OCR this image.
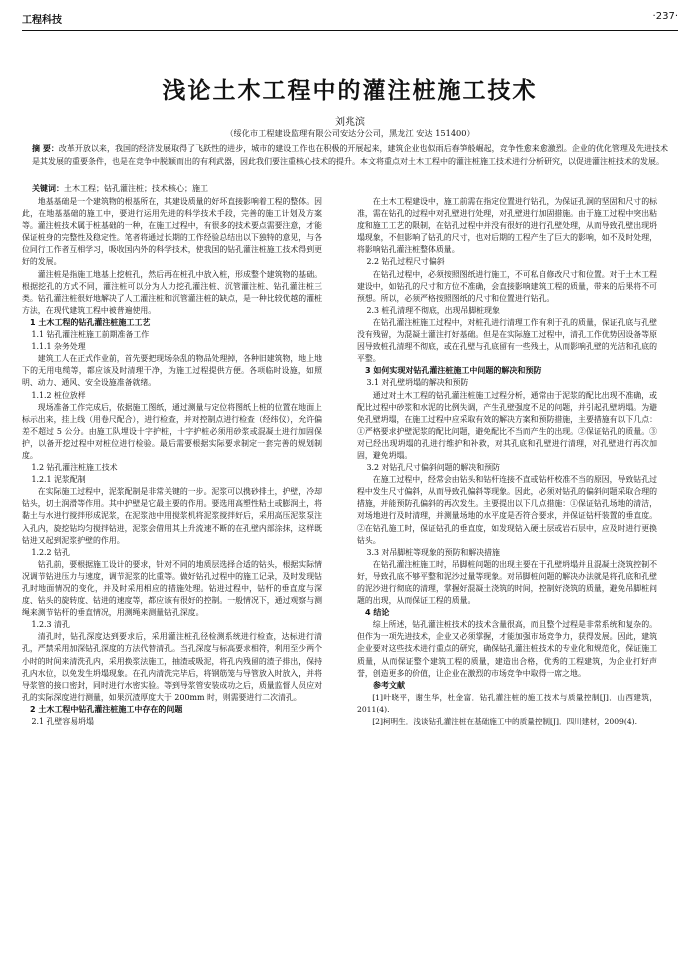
工程科技	·237·
浅论土木工程中的灌注桩施工技术
刘兆滨
（绥化市工程建设监理有限公司安达分公司，黑龙江 安达 151400）
摘 要：改革开放以来，我国的经济发展取得了飞跃性的进步，城市的建设工作也在积极的开展起来，建筑企业也似雨后春笋般崛起，竞争性愈来愈激烈。企业的优化管理及先进技术是其发展的重要条件，也是在竞争中脱颖而出的有利武器，因此我们要注重核心技术的提升。本文将重点对土木工程中的灌注桩施工技术进行分析研究，以促进灌注桩技术的发展。
关键词：土木工程；钻孔灌注桩；技术核心；施工

地基基础是一个建筑物的根基所在，其建设质量的好坏直接影响着工程的整体。因此，在地基基础的施工中，要进行运用先进的科学技术手段，完善的施工计划及方案等。灌注桩技术属于桩基础的一种，在施工过程中，有很多的技术要点需要注意，才能保证桩身的完整性及稳定性。笔者将通过长期的工作经验总结出以下独特的意见，与各位同行工作者互相学习，吸收国内外的科学技术，使我国的钻孔灌注桩施工技术得到更好的发展。

灌注桩是指施工地基上挖桩孔，然后再在桩孔中放入桩，形成整个建筑物的基础。根据挖孔的方式不同，灌注桩可以分为人力挖孔灌注桩、沉管灌注桩、钻孔灌注桩三类。钻孔灌注桩很好地解决了人工灌注桩和沉管灌注桩的缺点，是一种比较优越的灌桩方法，在现代建筑工程中被普遍使用。

1 土木工程的钻孔灌注桩施工工艺

1.1 钻孔灌注桩施工前期准备工作

1.1.1 杂务处理

建筑工人在正式作业前，首先要把现场杂乱的物品处理掉，各种旧建筑物，地上地下的无用电缆等，都应该及时清理干净，为施工过程提供方便。各项临时设施，如照明、动力、通风、安全设施准备就绪。

1.1.2 桩位放样

现场准备工作完成后，依据施工图纸，通过测量与定位将图纸上桩的位置在地面上标示出来，挂上线（用卷尺配合），进行检查，并对控制点进行检查（经纬仪），允许偏差不超过 5 公分。由施工队埋设十字护桩，十字护桩必须用砂浆或混凝土进行加固保护，以备开挖过程中对桩位进行检验。最后需要根据实际要求制定一套完善的规划制度。

1.2 钻孔灌注桩施工技术

1.2.1 泥浆配制

在实际施工过程中，泥浆配制是非常关键的一步。泥浆可以携砂排土，护壁，冷却钻头，切土润滑等作用。其中护壁是它最主要的作用。要选用高塑性粘土或膨润土，将黏土与水进行搅拌形成泥浆，在泥浆池中用搅浆机将泥浆搅拌好后，采用高压泥浆泵注入孔内，旋挖钻均匀搅拌钻进，泥浆会借用其上升流速不断的在孔壁内部涂抹，这样既钻进又起到泥浆护壁的作用。

1.2.2 钻孔

钻孔前，要根据施工设计的要求，针对不同的地质层选择合适的钻头，根据实际情况调节钻进压力与速度，调节泥浆的比重等。做好钻孔过程中的施工记录，及时发现钻孔时地面情况的变化，并及时采用相应的措施处理。钻进过程中，钻杆的垂直度与深度、钻头的旋转度、钻进的速度等，都应该有很好的控制。一般情况下，通过观察与测绳来测节钻杆的垂直情况，用测绳来测量钻孔深度。

1.2.3 清孔

清孔时，钻孔深度达到要求后，采用灌注桩孔径检测系统进行检查，达标进行清孔，严禁采用加深钻孔深度的方法代替清孔。当孔深度与标高要求相符，利用至少两个小时的时间来清洗孔内，采用换浆法施工，抽渣或吸泥，将孔内残留的渣子排出，保持孔内水位，以免发生坍塌现象。在孔内清洗完毕后，将钢筋笼与导管放入时放入，并将导浆管的接口密封，同时进行水密实验。等到导浆管安装成功之后，质量监督人员应对孔的实际深度进行测量，如果沉渣厚度大于 200mm 时，则需要进行二次清孔。

2 土木工程中钻孔灌注桩施工中存在的问题

2.1 孔壁容易坍塌

在土木工程建设中，施工前需在指定位置进行钻孔，为保证孔洞的坚固和尺寸的标准，需在钻孔的过程中对孔壁进行处理，对孔壁进行加固措施。由于施工过程中突出粘度和施工工艺的限制，在钻孔过程中并没有很好的进行孔壁处理，从而导致孔壁出现坍塌现象，不但影响了钻孔的尺寸，也对后期的工程产生了巨大的影响，如不及时处理，将影响钻孔灌注桩整体质量。

2.2 钻孔过程尺寸偏斜

在钻孔过程中，必须按照图纸进行施工，不可私自修改尺寸和位置。对于土木工程建设中，如钻孔的尺寸和方位不准确，会直接影响建筑工程的质量，带来的后果将不可预想。所以，必须严格按照图纸的尺寸和位置进行钻孔。

2.3 桩孔清理不彻底，出现吊脚桩现象

在钻孔灌注桩施工过程中，对桩孔进行清理工作有利于孔的质量，保证孔底与孔壁没有残留，为混凝土灌注打好基础。但是在实际施工过程中，清孔工作优势因设备等原因导致桩孔清理不彻底，或在孔壁与孔底留有一些残土，从而影响孔壁的光洁和孔底的平整。

3 如何实现对钻孔灌注桩施工中问题的解决和预防

3.1 对孔壁坍塌的解决和预防

通过对土木工程的钻孔灌注桩施工过程分析，通常由于泥浆的配比出现不准确，或配比过程中砂浆和水泥的比例失调，产生孔壁强度不足的问题，并引起孔壁坍塌。为避免孔壁坍塌，在施工过程中应采取有效的解决方案和预防措施，主要措施有以下几点：①严格要求护壁泥浆的配比问题，避免配比不当而产生的出现。②保证钻孔的质量。③对已经出现坍塌的孔进行维护和补救，对其孔底和孔壁进行清理，对孔壁进行再次加固，避免坍塌。

3.2 对钻孔尺寸偏斜问题的解决和预防

在施工过程中，经常会由钻头和钻杆连接不直或钻杆校准不当的原因，导致钻孔过程中发生尺寸偏斜，从而导致孔偏斜等现象。因此，必须对钻孔的偏斜问题采取合理的措施，并能预防孔偏斜的再次发生。主要提出以下几点措施：①保证钻孔场地的清洁，对场地进行及时清理，并测量场地的水平度是否符合要求，并保证钻杆装置的垂直度。②在钻孔施工时，保证钻孔的垂直度，如发现钻入硬土层或岩石层中，应及时进行更换钻头。

3.3 对吊脚桩等现象的预防和解决措施

在钻孔灌注桩施工时，吊脚桩问题的出现主要在于孔壁坍塌并且混凝土浇筑控制不好，导致孔底不够平整和泥沙过量等现象。对吊脚桩问题的解决办法就是将孔底和孔壁的泥沙进行彻底的清理，掌握好混凝土浇筑的时间，控制好浇筑的质量，避免吊脚桩问题的出现，从而保证工程的质量。

4 结论

综上所述，钻孔灌注桩技术的技术含量很高，而且整个过程是非常系统和复杂的。但作为一项先进技术，企业又必须掌握，才能加强市场竞争力，获得发展。因此，建筑企业要对这些技术进行重点的研究，确保钻孔灌注桩技术的专业化和规范化，保证施工质量，从而保证整个建筑工程的质量，建造出合格，优秀的工程建筑，为企业打好声誉，创造更多的价值，让企业在激烈的市场竞争中取得一席之地。

参考文献

[1]叶晓平，谢生华，杜金富．钻孔灌注桩的施工技术与质量控制[J]．山西建筑，2011(4).

[2]柯明生．浅谈钻孔灌注桩在基础施工中的质量控制[J]．四川建材，2009(4).
